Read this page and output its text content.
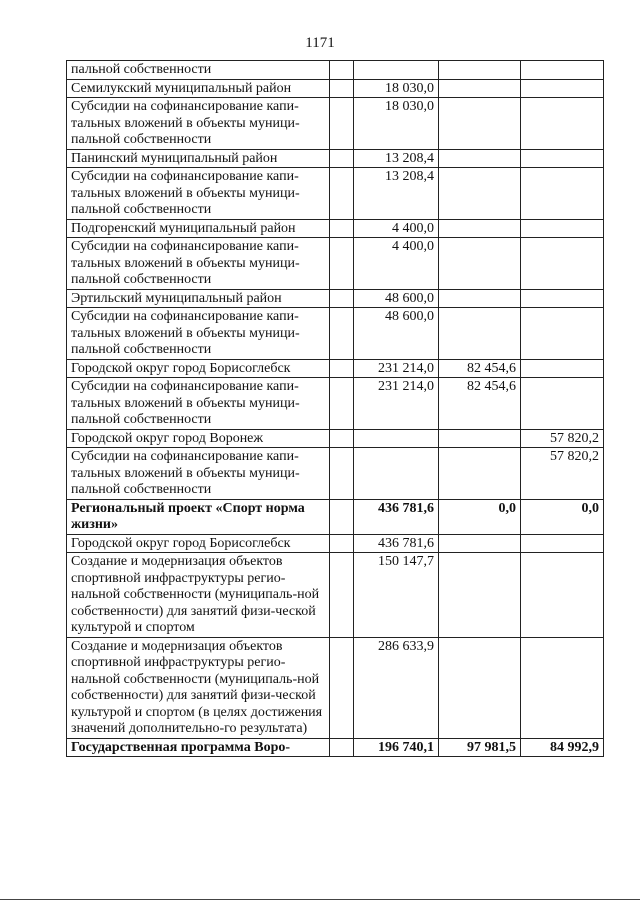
1171
пальной собственности				
Семилукский муниципальный район		18 030,0		
Субсидии на софинансирование капи-тальных вложений в объекты муници-пальной собственности		18 030,0		
Панинский муниципальный район		13 208,4		
Субсидии на софинансирование капи-тальных вложений в объекты муници-пальной собственности		13 208,4		
Подгоренский муниципальный район		4 400,0		
Субсидии на софинансирование капи-тальных вложений в объекты муници-пальной собственности		4 400,0		
Эртильский муниципальный район		48 600,0		
Субсидии на софинансирование капи-тальных вложений в объекты муници-пальной собственности		48 600,0		
Городской округ город Борисоглебск		231 214,0	82 454,6	
Субсидии на софинансирование капи-тальных вложений в объекты муници-пальной собственности		231 214,0	82 454,6	
Городской округ город Воронеж				57 820,2
Субсидии на софинансирование капи-тальных вложений в объекты муници-пальной собственности				57 820,2
Региональный проект «Спорт норма жизни»		436 781,6	0,0	0,0
Городской округ город Борисоглебск		436 781,6		
Создание и модернизация объектов спортивной инфраструктуры регио-нальной собственности (муниципаль-ной собственности) для занятий физи-ческой культурой и спортом		150 147,7		
Создание и модернизация объектов спортивной инфраструктуры регио-нальной собственности (муниципаль-ной собственности) для занятий физи-ческой культурой и спортом (в целях достижения значений дополнительно-го результата)		286 633,9		
Государственная программа Воро-		196 740,1	97 981,5	84 992,9
